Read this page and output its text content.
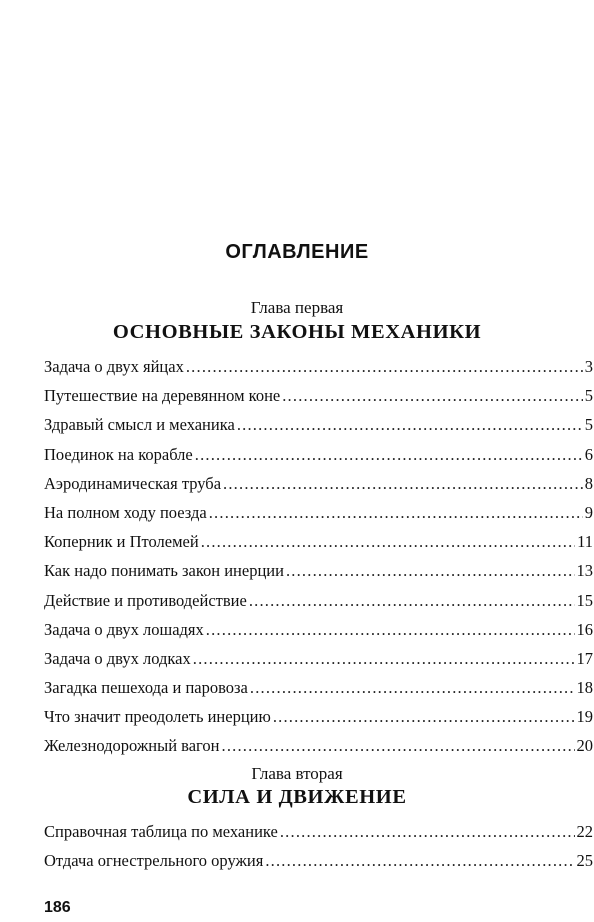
ОГЛАВЛЕНИЕ
Глава первая
ОСНОВНЫЕ ЗАКОНЫ МЕХАНИКИ
Задача о двух яйцах .....	3
Путешествие на деревянном коне .....	5
Здравый смысл и механика .....	5
Поединок на корабле .....	6
Аэродинамическая труба .....	8
На полном ходу поезда .....	9
Коперник и Птолемей .....	11
Как надо понимать закон инерции .....	13
Действие и противодействие .....	15
Задача о двух лошадях .....	16
Задача о двух лодках .....	17
Загадка пешехода и паровоза .....	18
Что значит преодолеть инерцию .....	19
Железнодорожный вагон .....	20
Глава вторая
СИЛА И ДВИЖЕНИЕ
Справочная таблица по механике .....	22
Отдача огнестрельного оружия .....	25
186
